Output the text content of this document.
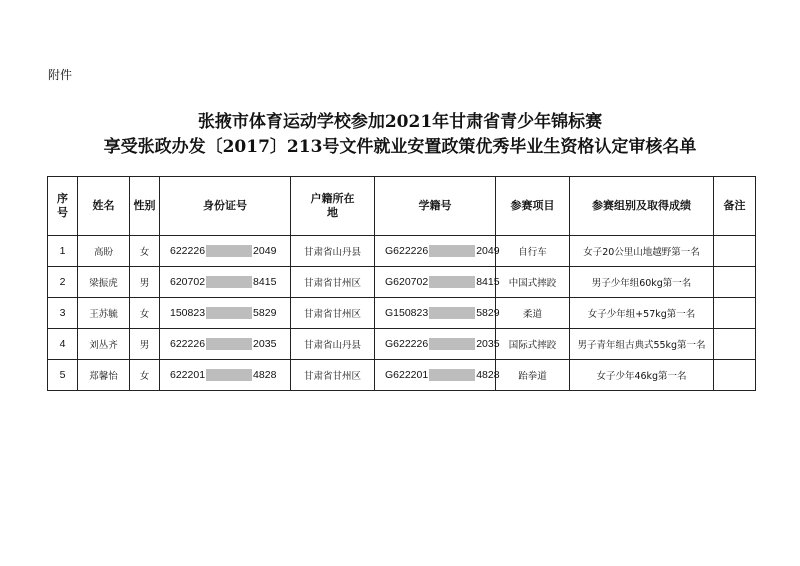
附件
张掖市体育运动学校参加2021年甘肃省青少年锦标赛
享受张政办发〔2017〕213号文件就业安置政策优秀毕业生资格认定审核名单
序号	姓名	性别	身份证号	户籍所在地	学籍号	参赛项目	参赛组别及取得成绩	备注
1	高盼	女	622226 2049	甘肃省山丹县	G622226 2049	自行车	女子20公里山地越野第一名	
2	梁振虎	男	620702 8415	甘肃省甘州区	G620702 8415	中国式摔跤	男子少年组60kg第一名	
3	王苏毓	女	150823 5829	甘肃省甘州区	G150823 5829	柔道	女子少年组+57kg第一名	
4	刘丛齐	男	622226 2035	甘肃省山丹县	G622226 2035	国际式摔跤	男子青年组古典式55kg第一名	
5	郑馨怡	女	622201 4828	甘肃省甘州区	G622201 4828	跆拳道	女子少年46kg第一名	
